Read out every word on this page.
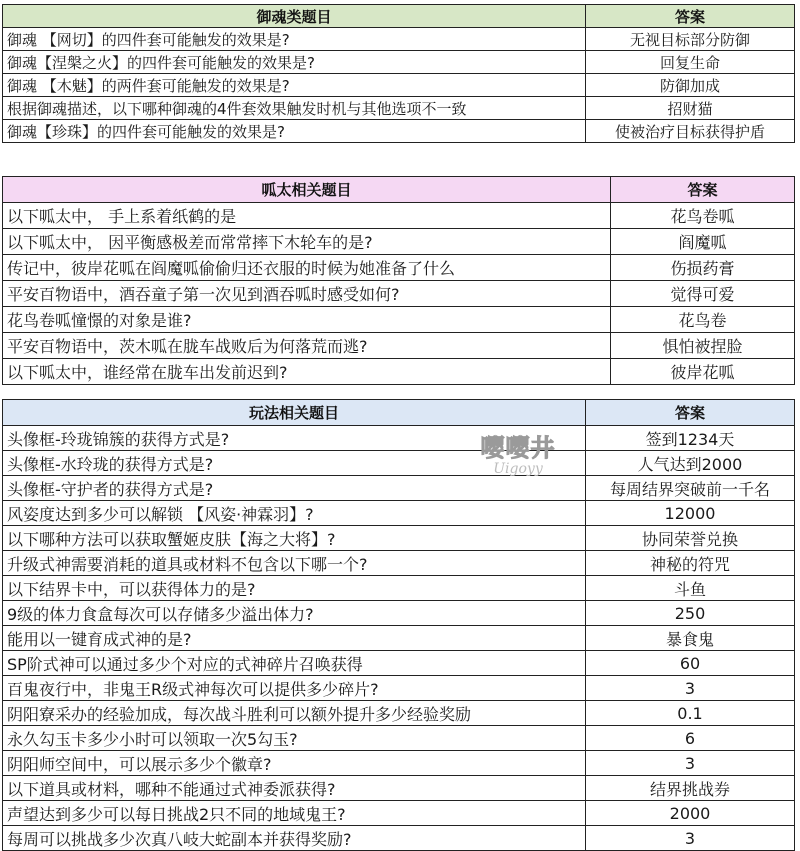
御魂类题目	答案
御魂 【网切】的四件套可能触发的效果是?	无视目标部分防御
御魂【涅槃之火】的四件套可能触发的效果是?	回复生命
御魂 【木魅】的两件套可能触发的效果是?	防御加成
根据御魂描述，以下哪种御魂的4件套效果触发时机与其他选项不一致	招财猫
御魂【珍珠】的四件套可能触发的效果是?	使被治疗目标获得护盾
呱太相关题目	答案
以下呱太中， 手上系着纸鹤的是	花鸟卷呱
以下呱太中， 因平衡感极差而常常摔下木轮车的是?	阎魔呱
传记中，彼岸花呱在阎魔呱偷偷归还衣服的时候为她准备了什么	伤损药膏
平安百物语中，酒吞童子第一次见到酒吞呱时感受如何?	觉得可爱
花鸟卷呱憧憬的对象是谁?	花鸟卷
平安百物语中，茨木呱在胧车战败后为何落荒而逃?	惧怕被捏脸
以下呱太中，谁经常在胧车出发前迟到?	彼岸花呱
玩法相关题目	答案
头像框-玲珑锦簇的获得方式是?	签到1234天
头像框-水玲珑的获得方式是?	人气达到2000
头像框-守护者的获得方式是?	每周结界突破前一千名
风姿度达到多少可以解锁 【风姿·神霖羽】?	12000
以下哪种方法可以获取蟹姬皮肤【海之大将】?	协同荣誉兑换
升级式神需要消耗的道具或材料不包含以下哪一个?	神秘的符咒
以下结界卡中，可以获得体力的是?	斗鱼
9级的体力食盒每次可以存储多少溢出体力?	250
能用以一键育成式神的是?	暴食鬼
SP阶式神可以通过多少个对应的式神碎片召唤获得	60
百鬼夜行中，非鬼王R级式神每次可以提供多少碎片?	3
阴阳寮采办的经验加成，每次战斗胜利可以额外提升多少经验奖励	0.1
永久勾玉卡多少小时可以领取一次5勾玉?	6
阴阳师空间中，可以展示多少个徽章?	3
以下道具或材料，哪种不能通过式神委派获得?	结界挑战券
声望达到多少可以每日挑战2只不同的地域鬼王?	2000
每周可以挑战多少次真八岐大蛇副本并获得奖励?	3
嘤嘤井
Uigoyy
